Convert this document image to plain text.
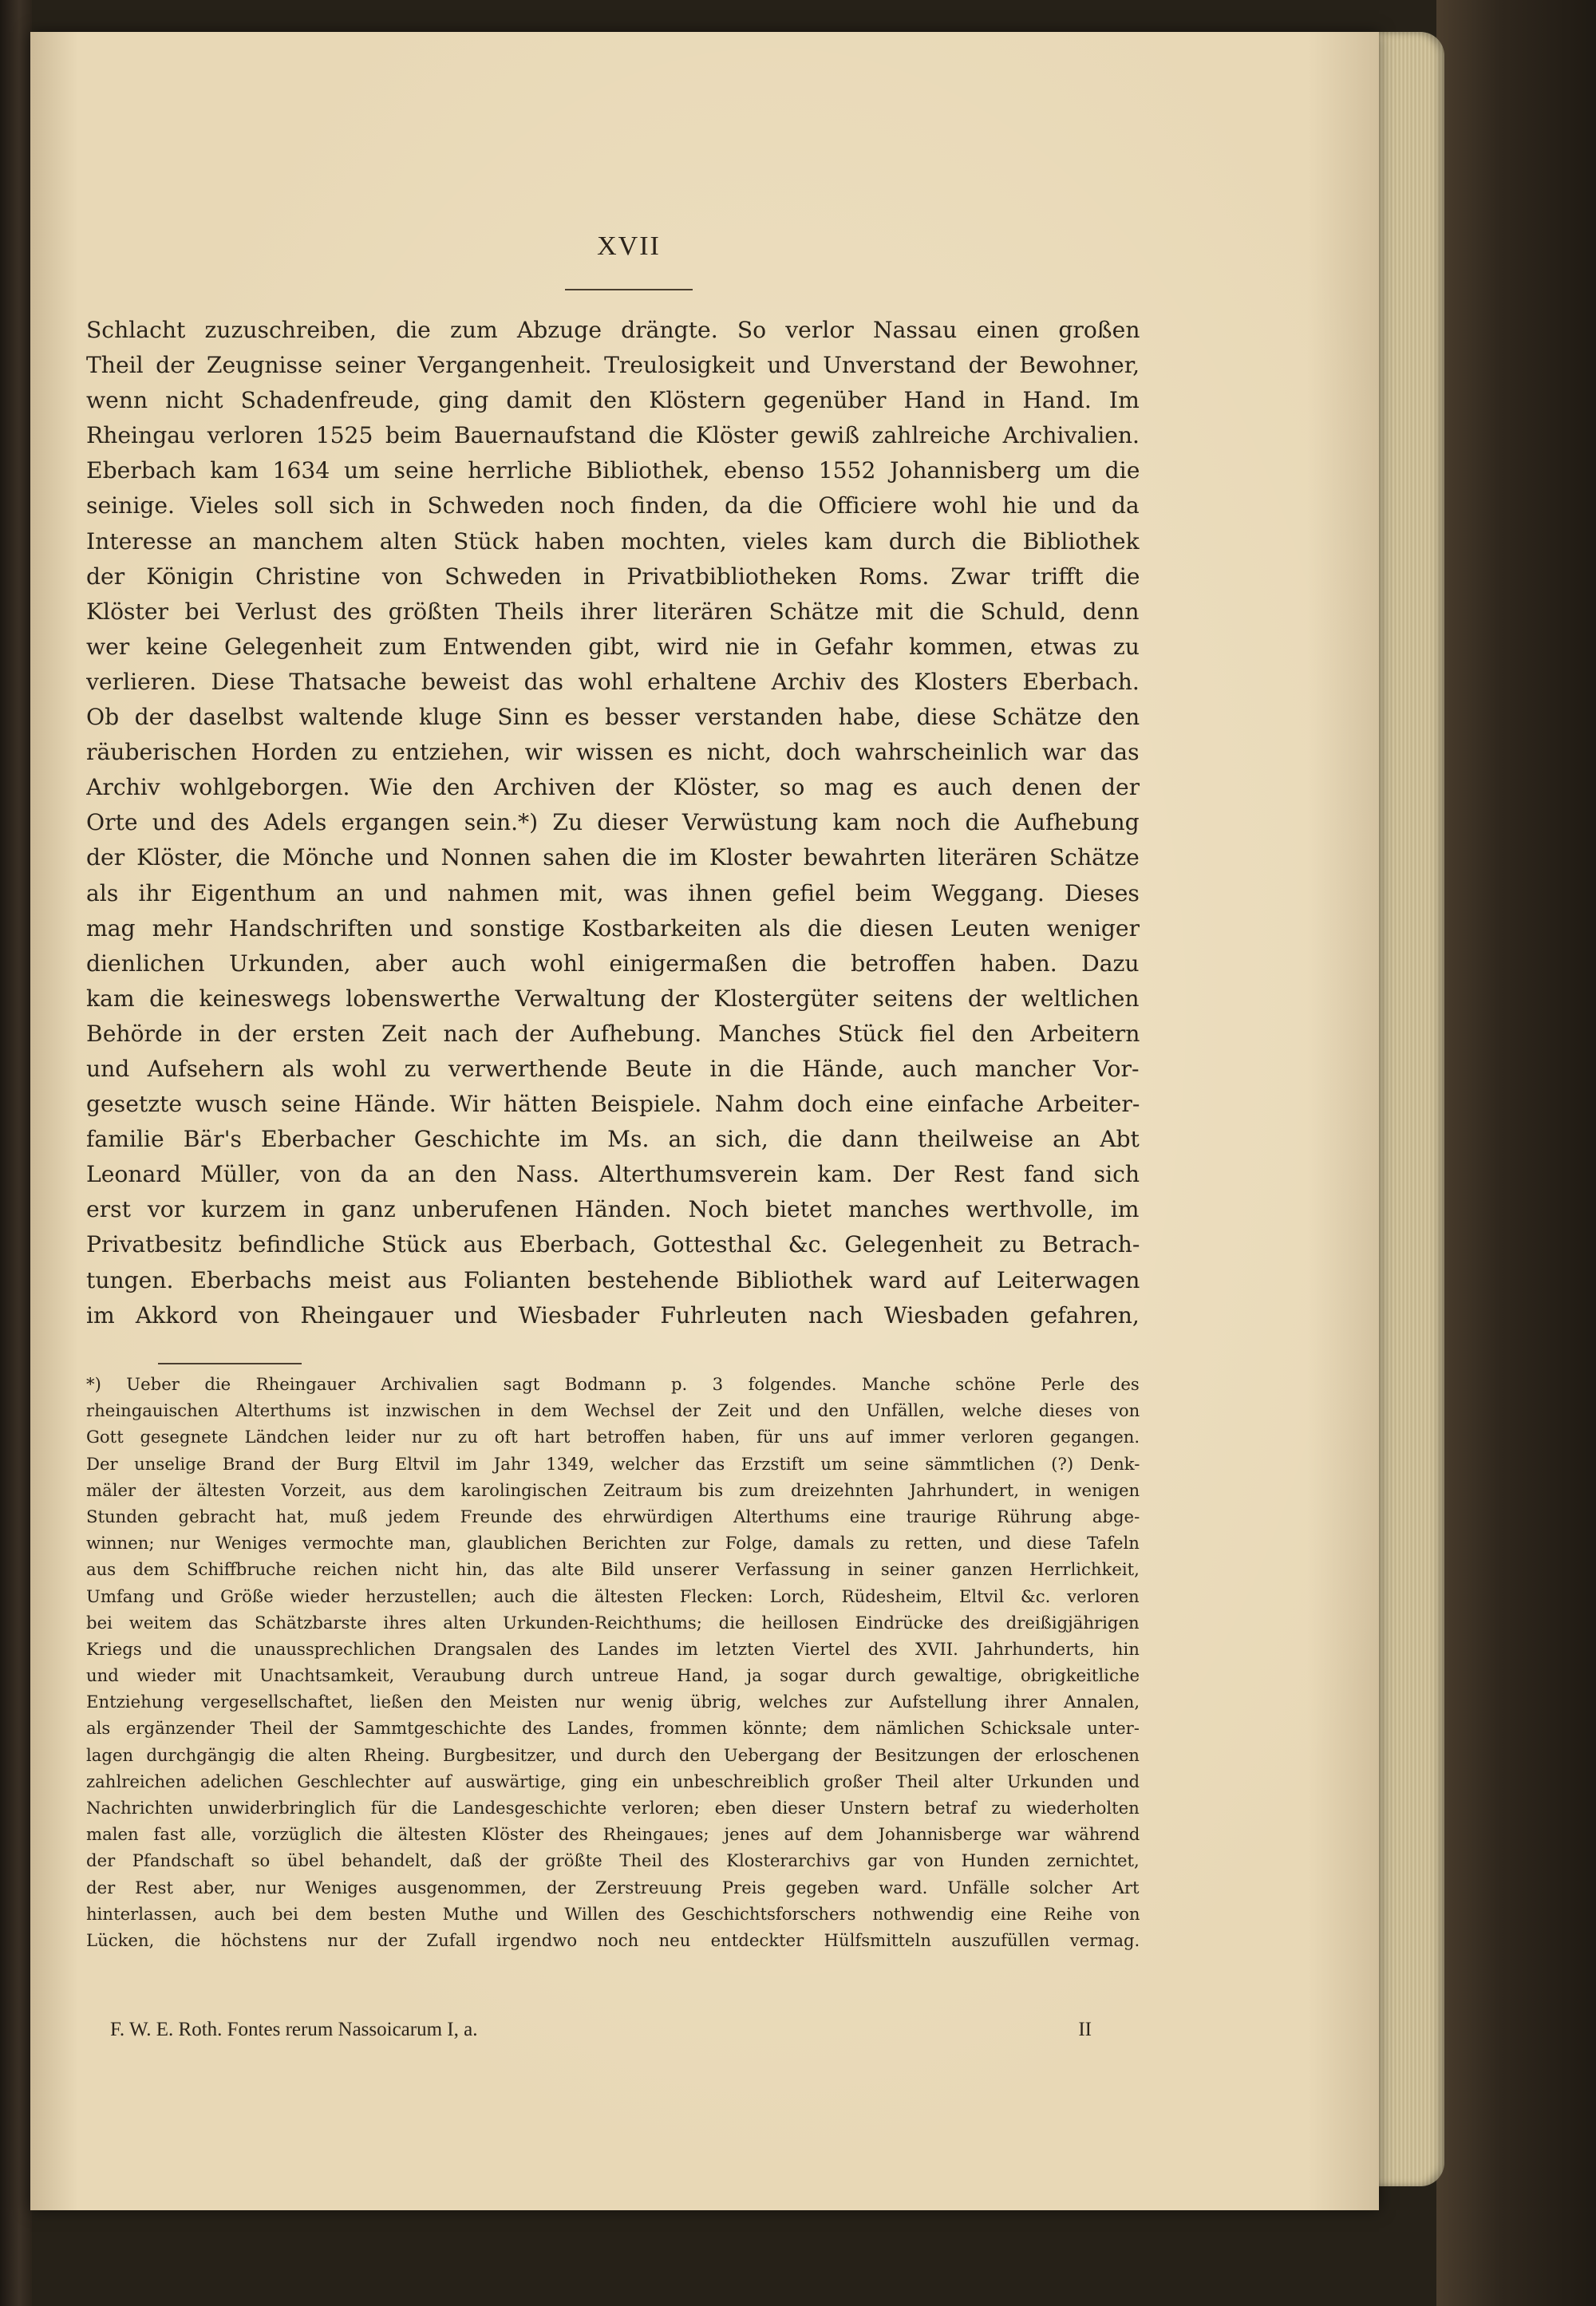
XVII
Schlacht zuzuschreiben, die zum Abzuge drängte. So verlor Nassau einen großen
Theil der Zeugnisse seiner Vergangenheit. Treulosigkeit und Unverstand der Bewohner,
wenn nicht Schadenfreude, ging damit den Klöstern gegenüber Hand in Hand. Im
Rheingau verloren 1525 beim Bauernaufstand die Klöster gewiß zahlreiche Archivalien.
Eberbach kam 1634 um seine herrliche Bibliothek, ebenso 1552 Johannisberg um die
seinige. Vieles soll sich in Schweden noch finden, da die Officiere wohl hie und da
Interesse an manchem alten Stück haben mochten, vieles kam durch die Bibliothek
der Königin Christine von Schweden in Privatbibliotheken Roms. Zwar trifft die
Klöster bei Verlust des größten Theils ihrer literären Schätze mit die Schuld, denn
wer keine Gelegenheit zum Entwenden gibt, wird nie in Gefahr kommen, etwas zu
verlieren. Diese Thatsache beweist das wohl erhaltene Archiv des Klosters Eberbach.
Ob der daselbst waltende kluge Sinn es besser verstanden habe, diese Schätze den
räuberischen Horden zu entziehen, wir wissen es nicht, doch wahrscheinlich war das
Archiv wohlgeborgen. Wie den Archiven der Klöster, so mag es auch denen der
Orte und des Adels ergangen sein.*) Zu dieser Verwüstung kam noch die Aufhebung
der Klöster, die Mönche und Nonnen sahen die im Kloster bewahrten literären Schätze
als ihr Eigenthum an und nahmen mit, was ihnen gefiel beim Weggang. Dieses
mag mehr Handschriften und sonstige Kostbarkeiten als die diesen Leuten weniger
dienlichen Urkunden, aber auch wohl einigermaßen die betroffen haben. Dazu
kam die keineswegs lobenswerthe Verwaltung der Klostergüter seitens der weltlichen
Behörde in der ersten Zeit nach der Aufhebung. Manches Stück fiel den Arbeitern
und Aufsehern als wohl zu verwerthende Beute in die Hände, auch mancher Vor-
gesetzte wusch seine Hände. Wir hätten Beispiele. Nahm doch eine einfache Arbeiter-
familie Bär's Eberbacher Geschichte im Ms. an sich, die dann theilweise an Abt
Leonard Müller, von da an den Nass. Alterthumsverein kam. Der Rest fand sich
erst vor kurzem in ganz unberufenen Händen. Noch bietet manches werthvolle, im
Privatbesitz befindliche Stück aus Eberbach, Gottesthal &c. Gelegenheit zu Betrach-
tungen. Eberbachs meist aus Folianten bestehende Bibliothek ward auf Leiterwagen
im Akkord von Rheingauer und Wiesbader Fuhrleuten nach Wiesbaden gefahren,
*) Ueber die Rheingauer Archivalien sagt Bodmann p. 3 folgendes. Manche schöne Perle des
rheingauischen Alterthums ist inzwischen in dem Wechsel der Zeit und den Unfällen, welche dieses von
Gott gesegnete Ländchen leider nur zu oft hart betroffen haben, für uns auf immer verloren gegangen.
Der unselige Brand der Burg Eltvil im Jahr 1349, welcher das Erzstift um seine sämmtlichen (?) Denk-
mäler der ältesten Vorzeit, aus dem karolingischen Zeitraum bis zum dreizehnten Jahrhundert, in wenigen
Stunden gebracht hat, muß jedem Freunde des ehrwürdigen Alterthums eine traurige Rührung abge-
winnen; nur Weniges vermochte man, glaublichen Berichten zur Folge, damals zu retten, und diese Tafeln
aus dem Schiffbruche reichen nicht hin, das alte Bild unserer Verfassung in seiner ganzen Herrlichkeit,
Umfang und Größe wieder herzustellen; auch die ältesten Flecken: Lorch, Rüdesheim, Eltvil &c. verloren
bei weitem das Schätzbarste ihres alten Urkunden-Reichthums; die heillosen Eindrücke des dreißigjährigen
Kriegs und die unaussprechlichen Drangsalen des Landes im letzten Viertel des XVII. Jahrhunderts, hin
und wieder mit Unachtsamkeit, Veraubung durch untreue Hand, ja sogar durch gewaltige, obrigkeitliche
Entziehung vergesellschaftet, ließen den Meisten nur wenig übrig, welches zur Aufstellung ihrer Annalen,
als ergänzender Theil der Sammtgeschichte des Landes, frommen könnte; dem nämlichen Schicksale unter-
lagen durchgängig die alten Rheing. Burgbesitzer, und durch den Uebergang der Besitzungen der erloschenen
zahlreichen adelichen Geschlechter auf auswärtige, ging ein unbeschreiblich großer Theil alter Urkunden und
Nachrichten unwiderbringlich für die Landesgeschichte verloren; eben dieser Unstern betraf zu wiederholten
malen fast alle, vorzüglich die ältesten Klöster des Rheingaues; jenes auf dem Johannisberge war während
der Pfandschaft so übel behandelt, daß der größte Theil des Klosterarchivs gar von Hunden zernichtet,
der Rest aber, nur Weniges ausgenommen, der Zerstreuung Preis gegeben ward. Unfälle solcher Art
hinterlassen, auch bei dem besten Muthe und Willen des Geschichtsforschers nothwendig eine Reihe von
Lücken, die höchstens nur der Zufall irgendwo noch neu entdeckter Hülfsmitteln auszufüllen vermag.
F. W. E. Roth. Fontes rerum Nassoicarum I, a.	II
